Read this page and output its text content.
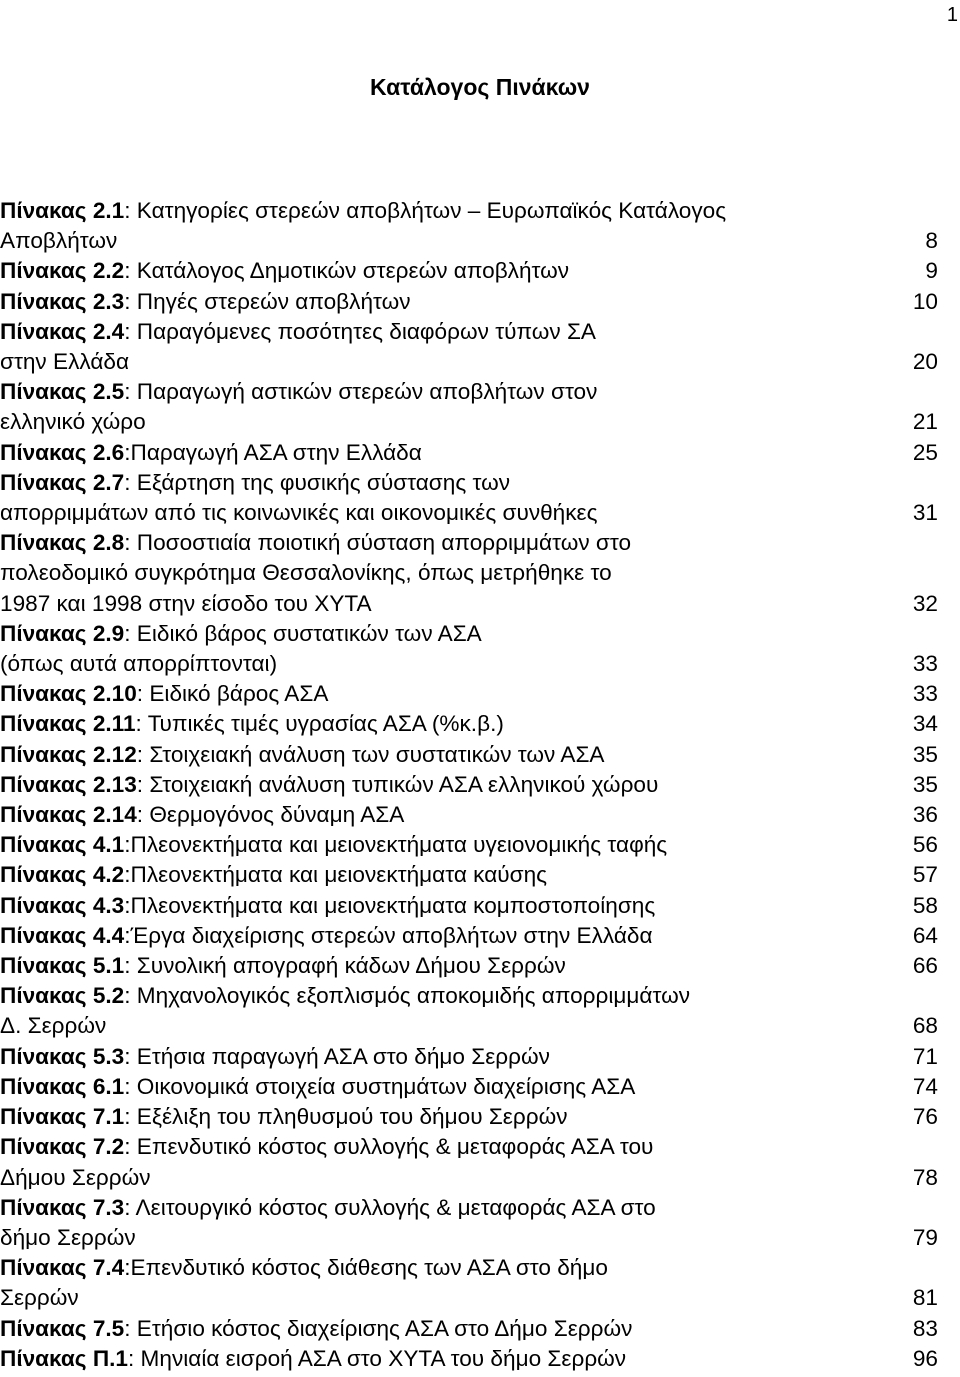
1
Κατάλογος Πινάκων
Πίνακας 2.1: Κατηγορίες στερεών αποβλήτων – Ευρωπαϊκός Κατάλογος
Αποβλήτων	8
Πίνακας 2.2: Κατάλογος Δημοτικών στερεών αποβλήτων	9
Πίνακας 2.3: Πηγές στερεών αποβλήτων	10
Πίνακας 2.4: Παραγόμενες ποσότητες διαφόρων τύπων ΣΑ
στην Ελλάδα	20
Πίνακας 2.5: Παραγωγή αστικών στερεών αποβλήτων στον
ελληνικό χώρο	21
Πίνακας 2.6:Παραγωγή ΑΣΑ στην Ελλάδα	25
Πίνακας 2.7: Εξάρτηση της φυσικής σύστασης των
απορριμμάτων από τις κοινωνικές και οικονομικές συνθήκες	31
Πίνακας 2.8: Ποσοστιαία ποιοτική σύσταση απορριμμάτων στο
πολεοδομικό συγκρότημα Θεσσαλονίκης, όπως μετρήθηκε το
1987 και 1998 στην είσοδο του ΧΥΤΑ	32
Πίνακας 2.9: Ειδικό βάρος συστατικών των ΑΣΑ
(όπως αυτά απορρίπτονται)	33
Πίνακας 2.10: Ειδικό βάρος ΑΣΑ	33
Πίνακας 2.11: Τυπικές τιμές υγρασίας ΑΣΑ (%κ.β.)	34
Πίνακας 2.12: Στοιχειακή ανάλυση των συστατικών των ΑΣΑ	35
Πίνακας 2.13: Στοιχειακή ανάλυση τυπικών ΑΣΑ ελληνικού χώρου	35
Πίνακας 2.14: Θερμογόνος δύναμη ΑΣΑ	36
Πίνακας 4.1:Πλεονεκτήματα και μειονεκτήματα υγειονομικής ταφής	56
Πίνακας 4.2:Πλεονεκτήματα και μειονεκτήματα καύσης	57
Πίνακας 4.3:Πλεονεκτήματα και μειονεκτήματα κομποστοποίησης	58
Πίνακας 4.4:Έργα διαχείρισης στερεών αποβλήτων στην Ελλάδα	64
Πίνακας 5.1: Συνολική απογραφή κάδων Δήμου Σερρών	66
Πίνακας 5.2: Μηχανολογικός εξοπλισμός αποκομιδής απορριμμάτων
Δ. Σερρών	68
Πίνακας 5.3: Ετήσια παραγωγή ΑΣΑ στο δήμο Σερρών	71
Πίνακας 6.1: Οικονομικά στοιχεία συστημάτων διαχείρισης ΑΣΑ	74
Πίνακας 7.1: Εξέλιξη του πληθυσμού του δήμου Σερρών	76
Πίνακας 7.2: Επενδυτικό κόστος συλλογής & μεταφοράς ΑΣΑ του
Δήμου Σερρών	78
Πίνακας 7.3: Λειτουργικό κόστος συλλογής & μεταφοράς ΑΣΑ στο
δήμο Σερρών	79
Πίνακας 7.4:Επενδυτικό κόστος διάθεσης των ΑΣΑ στο δήμο
Σερρών	81
Πίνακας 7.5: Ετήσιο κόστος διαχείρισης ΑΣΑ στο Δήμο Σερρών	83
Πίνακας Π.1: Μηνιαία εισροή ΑΣΑ στο ΧΥΤΑ του δήμο Σερρών	96
